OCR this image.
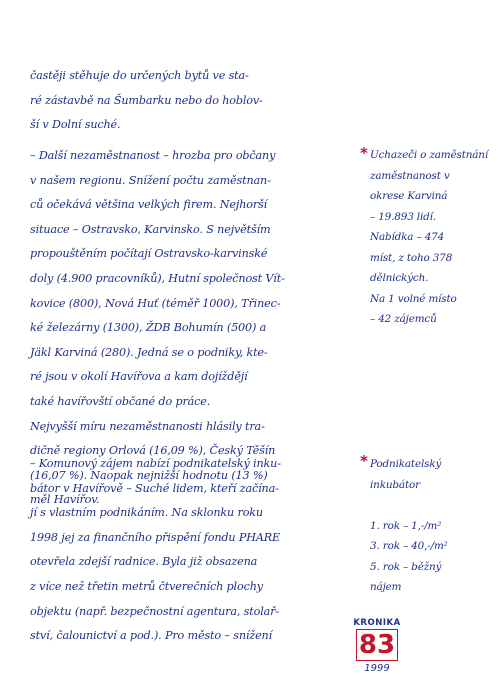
častěji stěhuje do určených bytů ve sta-
ré zástavbě na Šumbarku nebo do hoblov-
ší v Dolní suché.
– Další nezaměstnanost – hrozba pro občany
v našem regionu. Snížení počtu zaměstnan-
ců očekává většina velkých firem. Nejhorší
situace – Ostravsko, Karvinsko. S největším
propouštěním počítají Ostravsko-karvinské
doly (4.900 pracovníků), Hutní společnost Vít-
kovice (800), Nová Huť (téměř 1000), Třinec-
ké železárny (1300), ŽDB Bohumín (500) a
Jäkl Karviná (280). Jedná se o podniky, kte-
ré jsou v okolí Havířova a kam dojíždějí
také havířovští občané do práce.
Nejvyšší míru nezaměstnanosti hlásily tra-
dičně regiony Orlová (16,09 %), Český Těšín
(16,07 %). Naopak nejnižší hodnotu (13 %)
měl Havířov.
* Uchazeči o zaměstnání
zaměstnanost v
okrese Karviná
– 19.893 lidí.
Nabídka – 474
míst, z toho 378
dělnických.
Na 1 volné místo
– 42 zájemců
– Komunový zájem nabízí podnikatelský inku-
bátor v Havířově – Suché lidem, kteří začína-
jí s vlastním podnikáním. Na sklonku roku
1998 jej za finančního přispění fondu PHARE
otevřela zdejší radnice. Byla již obsazena
z více než třetin metrů čtverečních plochy
objektu (např. bezpečnostní agentura, stolař-
ství, čalounictví a pod.). Pro město – snížení
* Podnikatelský
inkubátor

1. rok – 1,-/m²
3. rok – 40,-/m²
5. rok – běžný
nájem
KRONIKA
83
1999
